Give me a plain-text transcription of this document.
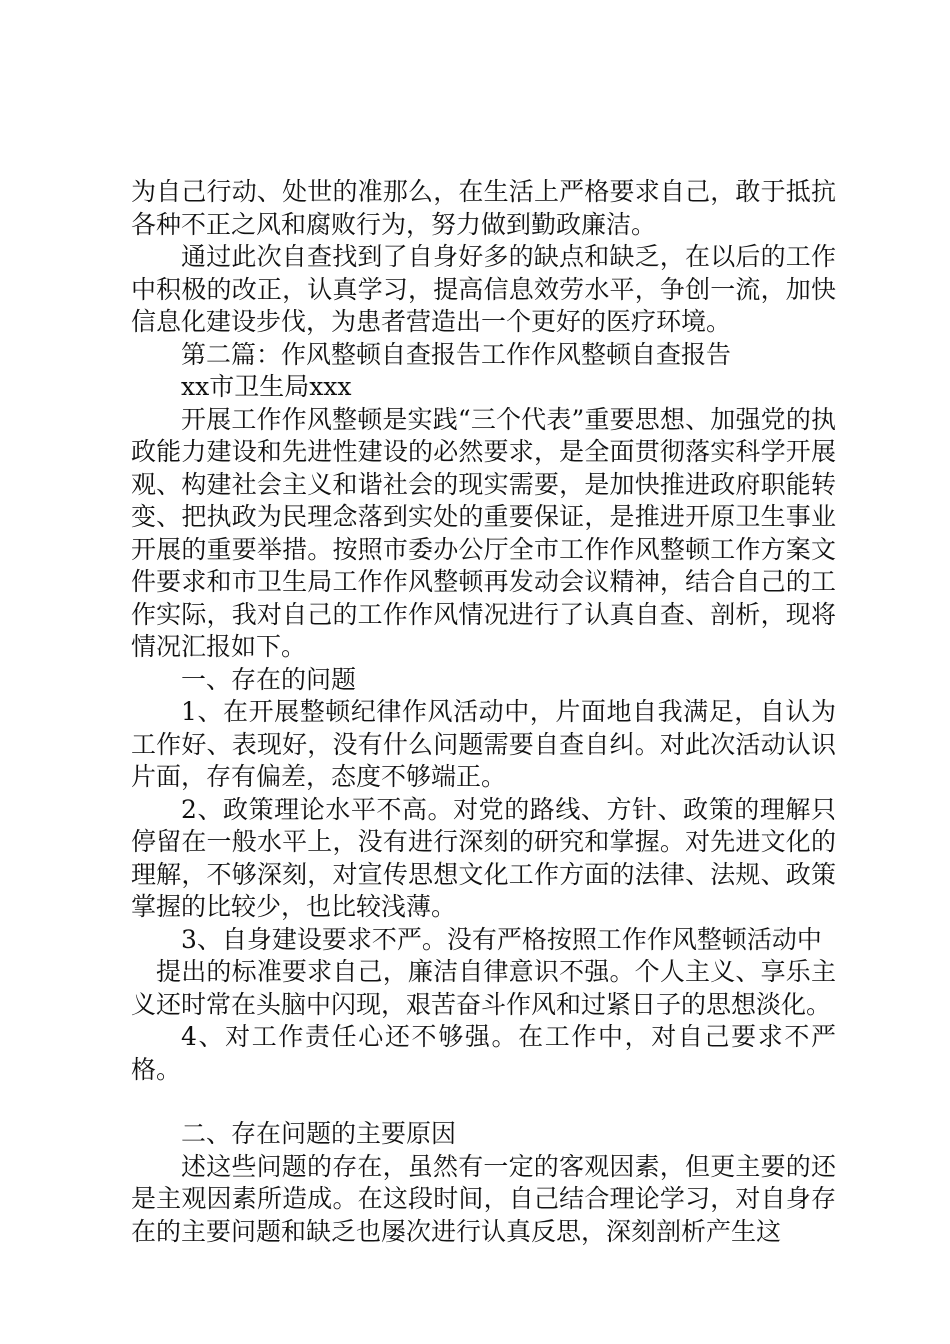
为自己行动、处世的准那么，在生活上严格要求自己，敢于抵抗各种不正之风和腐败行为，努力做到勤政廉洁。

通过此次自查找到了自身好多的缺点和缺乏，在以后的工作中积极的改正，认真学习，提高信息效劳水平，争创一流，加快信息化建设步伐，为患者营造出一个更好的医疗环境。

第二篇：作风整顿自查报告工作作风整顿自查报告

xx市卫生局xxx

开展工作作风整顿是实践“三个代表”重要思想、加强党的执政能力建设和先进性建设的必然要求，是全面贯彻落实科学开展观、构建社会主义和谐社会的现实需要，是加快推进政府职能转变、把执政为民理念落到实处的重要保证，是推进开原卫生事业开展的重要举措。按照市委办公厅全市工作作风整顿工作方案文件要求和市卫生局工作作风整顿再发动会议精神，结合自己的工作实际，我对自己的工作作风情况进行了认真自查、剖析，现将情况汇报如下。

一、存在的问题

1、在开展整顿纪律作风活动中，片面地自我满足，自认为工作好、表现好，没有什么问题需要自查自纠。对此次活动认识片面，存有偏差，态度不够端正。

2、政策理论水平不高。对党的路线、方针、政策的理解只停留在一般水平上，没有进行深刻的研究和掌握。对先进文化的理解，不够深刻，对宣传思想文化工作方面的法律、法规、政策掌握的比较少，也比较浅薄。

3、自身建设要求不严。没有严格按照工作作风整顿活动中

提出的标准要求自己，廉洁自律意识不强。个人主义、享乐主义还时常在头脑中闪现，艰苦奋斗作风和过紧日子的思想淡化。

4、对工作责任心还不够强。在工作中，对自己要求不严格。

二、存在问题的主要原因

述这些问题的存在，虽然有一定的客观因素，但更主要的还是主观因素所造成。在这段时间，自己结合理论学习，对自身存在的主要问题和缺乏也屡次进行认真反思，深刻剖析产生这
